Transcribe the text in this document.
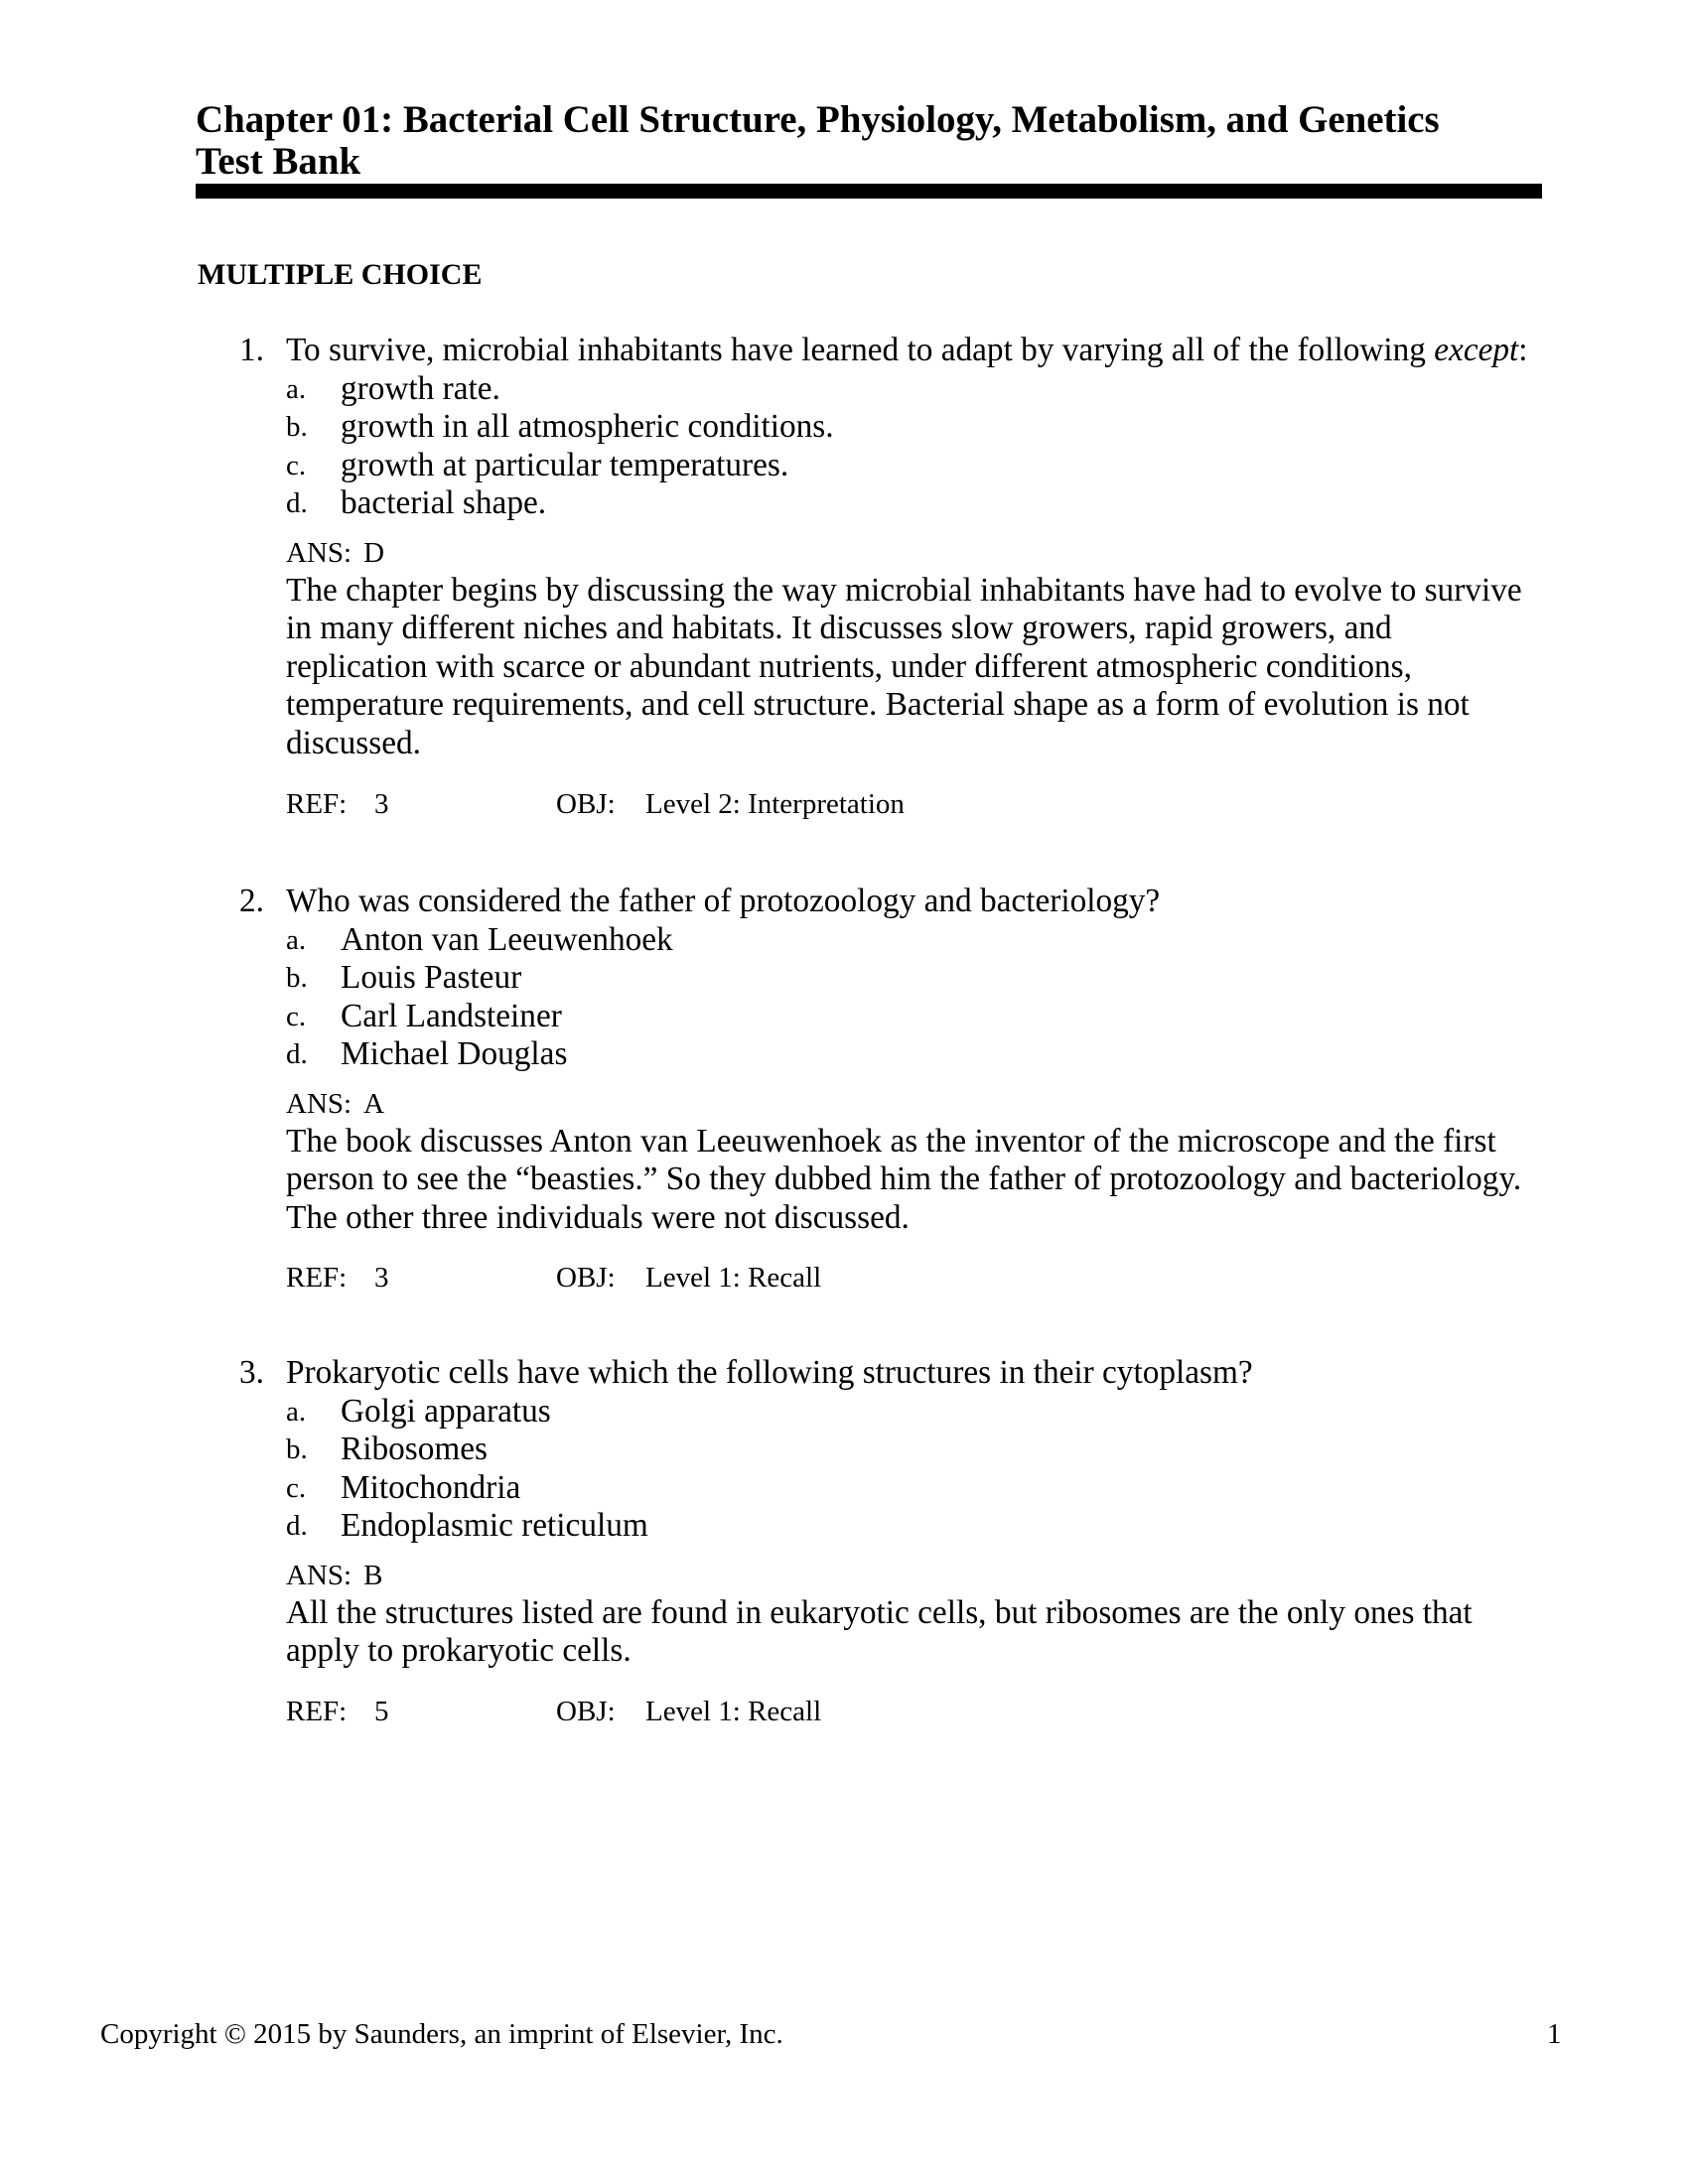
Chapter 01: Bacterial Cell Structure, Physiology, Metabolism, and Genetics
Test Bank
MULTIPLE CHOICE
1. To survive, microbial inhabitants have learned to adapt by varying all of the following except:
a. growth rate.
b. growth in all atmospheric conditions.
c. growth at particular temperatures.
d. bacterial shape.
ANS: D
The chapter begins by discussing the way microbial inhabitants have had to evolve to survive
in many different niches and habitats. It discusses slow growers, rapid growers, and
replication with scarce or abundant nutrients, under different atmospheric conditions,
temperature requirements, and cell structure. Bacterial shape as a form of evolution is not
discussed.
REF: 3	OBJ: Level 2: Interpretation
2. Who was considered the father of protozoology and bacteriology?
a. Anton van Leeuwenhoek
b. Louis Pasteur
c. Carl Landsteiner
d. Michael Douglas
ANS: A
The book discusses Anton van Leeuwenhoek as the inventor of the microscope and the first
person to see the “beasties.” So they dubbed him the father of protozoology and bacteriology.
The other three individuals were not discussed.
REF: 3	OBJ: Level 1: Recall
3. Prokaryotic cells have which the following structures in their cytoplasm?
a. Golgi apparatus
b. Ribosomes
c. Mitochondria
d. Endoplasmic reticulum
ANS: B
All the structures listed are found in eukaryotic cells, but ribosomes are the only ones that
apply to prokaryotic cells.
REF: 5	OBJ: Level 1: Recall
Copyright © 2015 by Saunders, an imprint of Elsevier, Inc.	1
